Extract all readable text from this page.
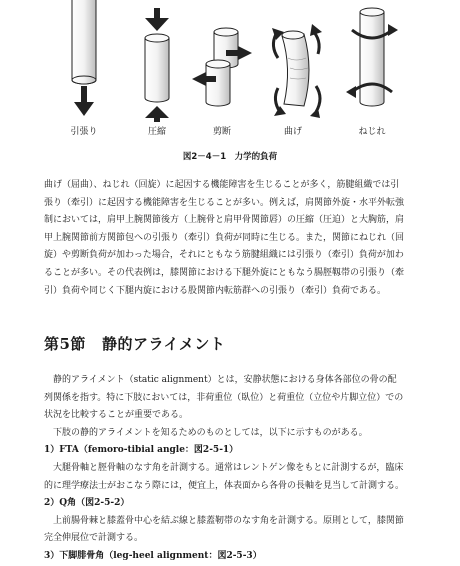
引張り	圧縮	剪断	曲げ	ねじれ
図2－4－1　力学的負荷
曲げ（屈曲）、ねじれ（回旋）に起因する機能障害を生じることが多く，筋腱組織では引
張り（牽引）に起因する機能障害を生じることが多い。例えば，肩関節外旋・水平外転強
制においては，肩甲上腕関節後方（上腕骨と肩甲骨関節唇）の圧縮（圧迫）と大胸筋，肩
甲上腕関節前方関節包への引張り（牽引）負荷が同時に生じる。また，関節にねじれ（回
旋）や剪断負荷が加わった場合，それにともなう筋腱組織には引張り（牽引）負荷が加わ
ることが多い。その代表例は，膝関節における下腿外旋にともなう腸脛靱帯の引張り（牽
引）負荷や同じく下腿内旋における股関節内転筋群への引張り（牽引）負荷である。
第5節 静的アライメント
静的アライメント（static alignment）とは，安静状態における身体各部位の骨の配
列関係を指す。特に下肢においては，非荷重位（臥位）と荷重位（立位や片脚立位）での
状況を比較することが重要である。
下肢の静的アライメントを知るためのものとしては，以下に示すものがある。
1）FTA（femoro-tibial angle：図2-5-1）
大腿骨軸と脛骨軸のなす角を計測する。通常はレントゲン像をもとに計測するが，臨床
的に理学療法士がおこなう際には，便宜上，体表面から各骨の長軸を見当して計測する。
2）Q角（図2-5-2）
上前腸骨棘と膝蓋骨中心を結ぶ線と膝蓋靭帯のなす角を計測する。原則として，膝関節
完全伸展位で計測する。
3）下脚腓骨角（leg-heel alignment：図2-5-3）
